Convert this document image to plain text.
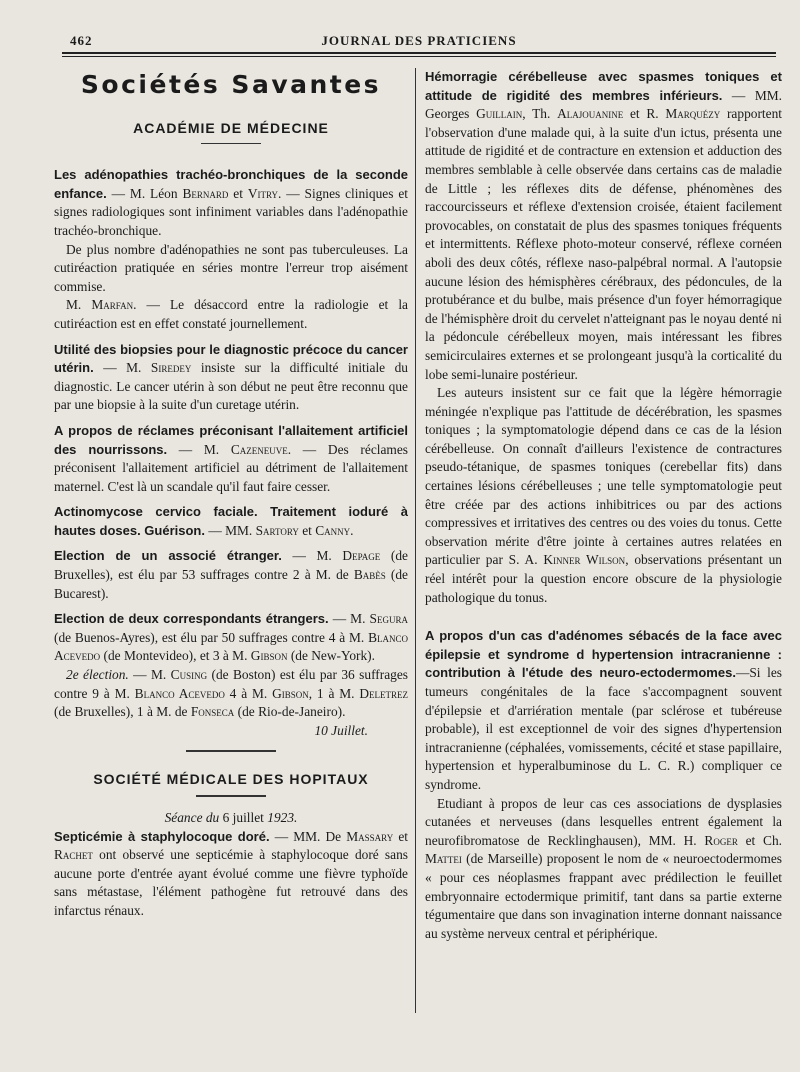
462	JOURNAL DES PRATICIENS
Sociétés Savantes
ACADÉMIE DE MÉDECINE

Les adénopathies trachéo-bronchiques de la seconde enfance. — M. Léon Bernard et Vitry. — Signes cliniques et signes radiologiques sont infiniment variables dans l'adénopathie trachéo-bronchique.

De plus nombre d'adénopathies ne sont pas tuberculeuses. La cutiréaction pratiquée en séries montre l'erreur trop aisément commise.

M. Marfan. — Le désaccord entre la radiologie et la cutiréaction est en effet constaté journellement.

Utilité des biopsies pour le diagnostic précoce du cancer utérin. — M. Siredey insiste sur la difficulté initiale du diagnostic. Le cancer utérin à son début ne peut être reconnu que par une biopsie à la suite d'un curetage utérin.

A propos de réclames préconisant l'allaitement artificiel des nourrissons. — M. Cazeneuve. — Des réclames préconisent l'allaitement artificiel au détriment de l'allaitement maternel. C'est là un scandale qu'il faut faire cesser.

Actinomycose cervico faciale. Traitement ioduré à hautes doses. Guérison. — MM. Sartory et Canny.

Election de un associé étranger. — M. Depage (de Bruxelles), est élu par 53 suffrages contre 2 à M. de Babès (de Bucarest).

Election de deux correspondants étrangers. — M. Segura (de Buenos-Ayres), est élu par 50 suffrages contre 4 à M. Blanco Acevedo (de Montevideo), et 3 à M. Gibson (de New-York).

2e élection. — M. Cusing (de Boston) est élu par 36 suffrages contre 9 à M. Blanco Acevedo 4 à M. Gibson, 1 à M. Deletrez (de Bruxelles), 1 à M. de Fonseca (de Rio-de-Janeiro).

10 Juillet.

SOCIÉTÉ MÉDICALE DES HOPITAUX

Séance du 6 juillet 1923.

Septicémie à staphylocoque doré. — MM. De Massary et Rachet ont observé une septicémie à staphylocoque doré sans aucune porte d'entrée ayant évolué comme une fièvre typhoïde sans métastase, l'élément pathogène fut retrouvé dans des infarctus rénaux.

Hémorragie cérébelleuse avec spasmes toniques et attitude de rigidité des membres inférieurs. — MM. Georges Guillain, Th. Alajouanine et R. Marquézy rapportent l'observation d'une malade qui, à la suite d'un ictus, présenta une attitude de rigidité et de contracture en extension et adduction des membres semblable à celle observée dans certains cas de maladie de Little ; les réflexes dits de défense, phénomènes des raccourcisseurs et réflexe d'extension croisée, étaient facilement provocables, on constatait de plus des spasmes toniques fréquents et intermittents. Réflexe photo-moteur conservé, réflexe cornéen aboli des deux côtés, réflexe naso-palpébral normal. A l'autopsie aucune lésion des hémisphères cérébraux, des pédoncules, de la protubérance et du bulbe, mais présence d'un foyer hémorragique de l'hémisphère droit du cervelet n'atteignant pas le noyau denté ni la pédoncule cérébelleux moyen, mais intéressant les fibres semicirculaires externes et se prolongeant jusqu'à la corticalité du lobe semi-lunaire postérieur.

Les auteurs insistent sur ce fait que la légère hémorragie méningée n'explique pas l'attitude de décérébration, les spasmes toniques ; la symptomatologie dépend dans ce cas de la lésion cérébelleuse. On connaît d'ailleurs l'existence de contractures pseudo-tétanique, de spasmes toniques (cerebellar fits) dans certaines lésions cérébelleuses ; une telle symptomatologie peut être créée par des actions inhibitrices ou par des actions compressives et irritatives des centres ou des voies du tonus. Cette observation mérite d'être jointe à certaines autres relatées en particulier par S. A. Kinner Wilson, observations présentant un réel intérêt pour la question encore obscure de la physiologie pathologique du tonus.

A propos d'un cas d'adénomes sébacés de la face avec épilepsie et syndrome d hypertension intracranienne : contribution à l'étude des neuro-ectodermomes.—Si les tumeurs congénitales de la face s'accompagnent souvent d'épilepsie et d'arriération mentale (par sclérose et tubéreuse probable), il est exceptionnel de voir des signes d'hypertension intracranienne (céphalées, vomissements, cécité et stase papillaire, hypertension et hyperalbuminose du L. C. R.) compliquer ce syndrome.

Etudiant à propos de leur cas ces associations de dysplasies cutanées et nerveuses (dans lesquelles entrent également la neurofibromatose de Recklinghausen), MM. H. Roger et Ch. Mattei (de Marseille) proposent le nom de « neuroectodermomes « pour ces néoplasmes frappant avec prédilection le feuillet embryonnaire ectodermique primitif, tant dans sa partie externe tégumentaire que dans son invagination interne donnant naissance au système nerveux central et périphérique.
